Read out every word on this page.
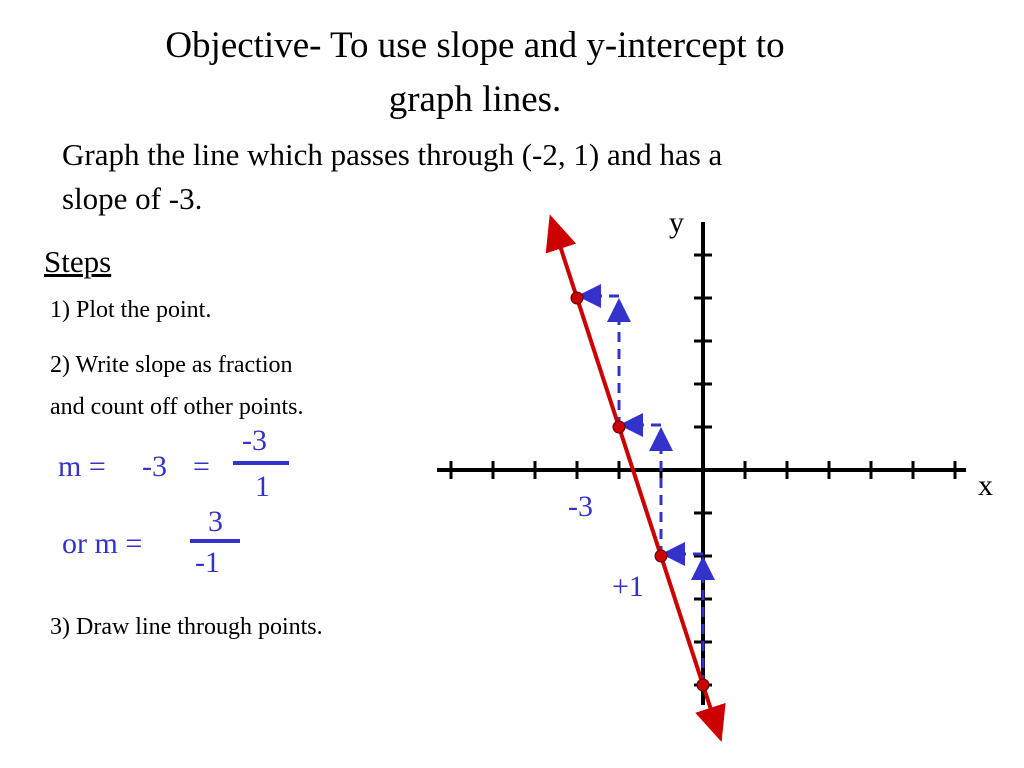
Objective- To use slope and y-intercept to
graph lines.
Graph the line which passes through (-2, 1) and has a
slope of -3.
Steps
1) Plot the point.
2) Write slope as fraction
and count off other points.
3) Draw line through points.
m = -3 =
-3
1
or m =
3
-1
x
y
-3
+1
